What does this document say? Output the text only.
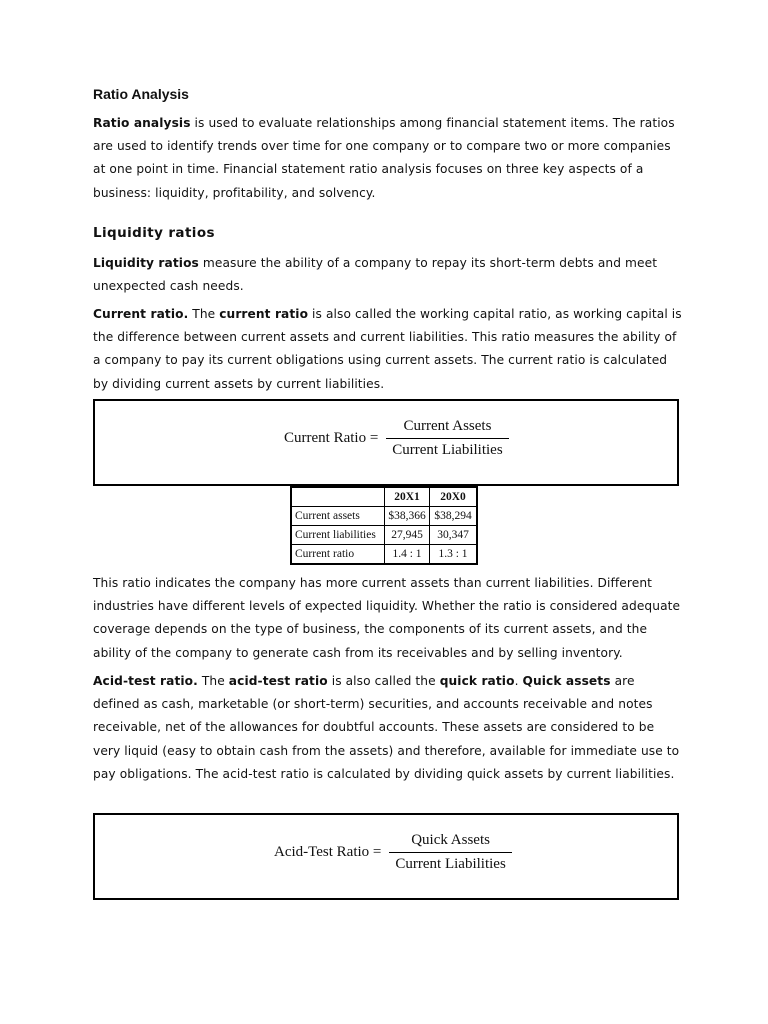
Ratio Analysis

Ratio analysis is used to evaluate relationships among financial statement items. The ratios are used to identify trends over time for one company or to compare two or more companies at one point in time. Financial statement ratio analysis focuses on three key aspects of a business: liquidity, profitability, and solvency.

Liquidity ratios

Liquidity ratios measure the ability of a company to repay its short-term debts and meet unexpected cash needs.

Current ratio. The current ratio is also called the working capital ratio, as working capital is the difference between current assets and current liabilities. This ratio measures the ability of a company to pay its current obligations using current assets. The current ratio is calculated by dividing current assets by current liabilities.

Current Ratio = $\frac{\text{Current Assets}}{\text{Current Liabilities}}$
	20X1	20X0
Current assets	$38,366	$38,294
Current liabilities	27,945	30,347
Current ratio	1.4 : 1	1.3 : 1

This ratio indicates the company has more current assets than current liabilities. Different industries have different levels of expected liquidity. Whether the ratio is considered adequate coverage depends on the type of business, the components of its current assets, and the ability of the company to generate cash from its receivables and by selling inventory.

Acid-test ratio. The acid-test ratio is also called the quick ratio. Quick assets are defined as cash, marketable (or short-term) securities, and accounts receivable and notes receivable, net of the allowances for doubtful accounts. These assets are considered to be very liquid (easy to obtain cash from the assets) and therefore, available for immediate use to pay obligations. The acid-test ratio is calculated by dividing quick assets by current liabilities.

Acid-Test Ratio = $\frac{\text{Quick Assets}}{\text{Current Liabilities}}$
